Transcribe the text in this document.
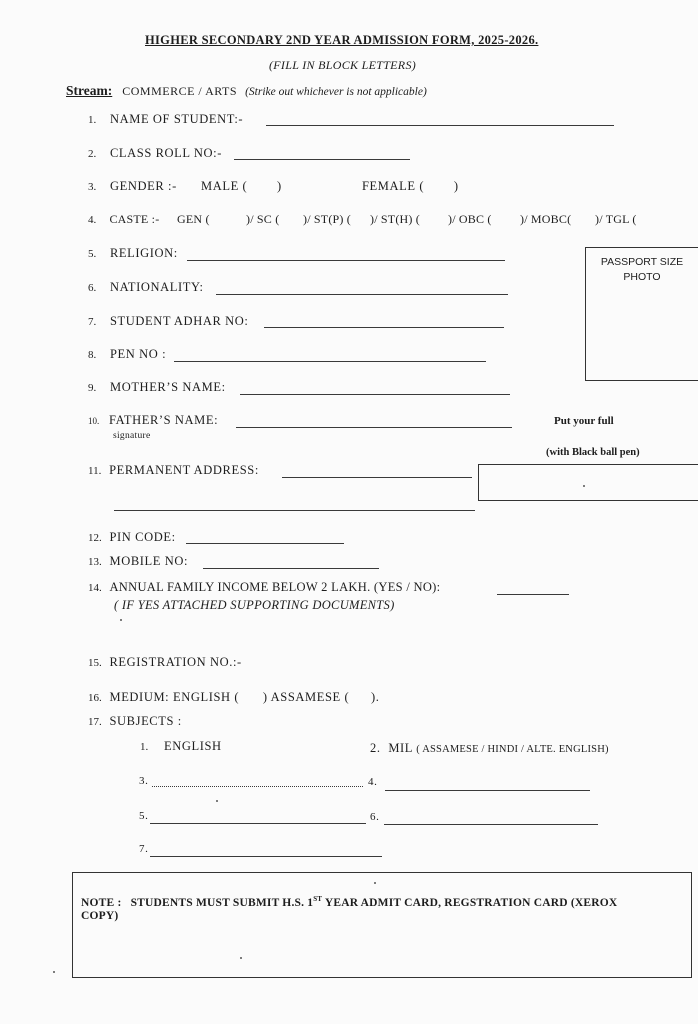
HIGHER SECONDARY 2ND YEAR ADMISSION FORM, 2025-2026.
(FILL IN BLOCK LETTERS)
Stream: COMMERCE / ARTS (Strike out whichever is not applicable)
1. NAME OF STUDENT:-
2. CLASS ROLL NO:-
3. GENDER :- MALE ( )	FEMALE ( )
4. CASTE :- GEN (	)/ SC ( )/ ST(P) ( )/ ST(H) ( )/ OBC ( )/ MOBC( )/ TGL (
PASSPORT SIZE
PHOTO
5. RELIGION:
6. NATIONALITY:
7. STUDENT ADHAR NO:
8. PEN NO :
9. MOTHER’S NAME:
10. FATHER’S NAME:
signature
Put your full
(with Black ball pen)
11. PERMANENT ADDRESS:
12. PIN CODE:
13. MOBILE NO:
14. ANNUAL FAMILY INCOME BELOW 2 LAKH. (YES / NO):
( IF YES ATTACHED SUPPORTING DOCUMENTS)
15. REGISTRATION NO.:-
16. MEDIUM: ENGLISH ( ) ASSAMESE ( ).
17. SUBJECTS :
1. ENGLISH	2. MIL ( ASSAMESE / HINDI / ALTE. ENGLISH)
3.	4.
5.	6.
7.
NOTE : STUDENTS MUST SUBMIT H.S. 1ST YEAR ADMIT CARD, REGSTRATION CARD (XEROX
COPY)
